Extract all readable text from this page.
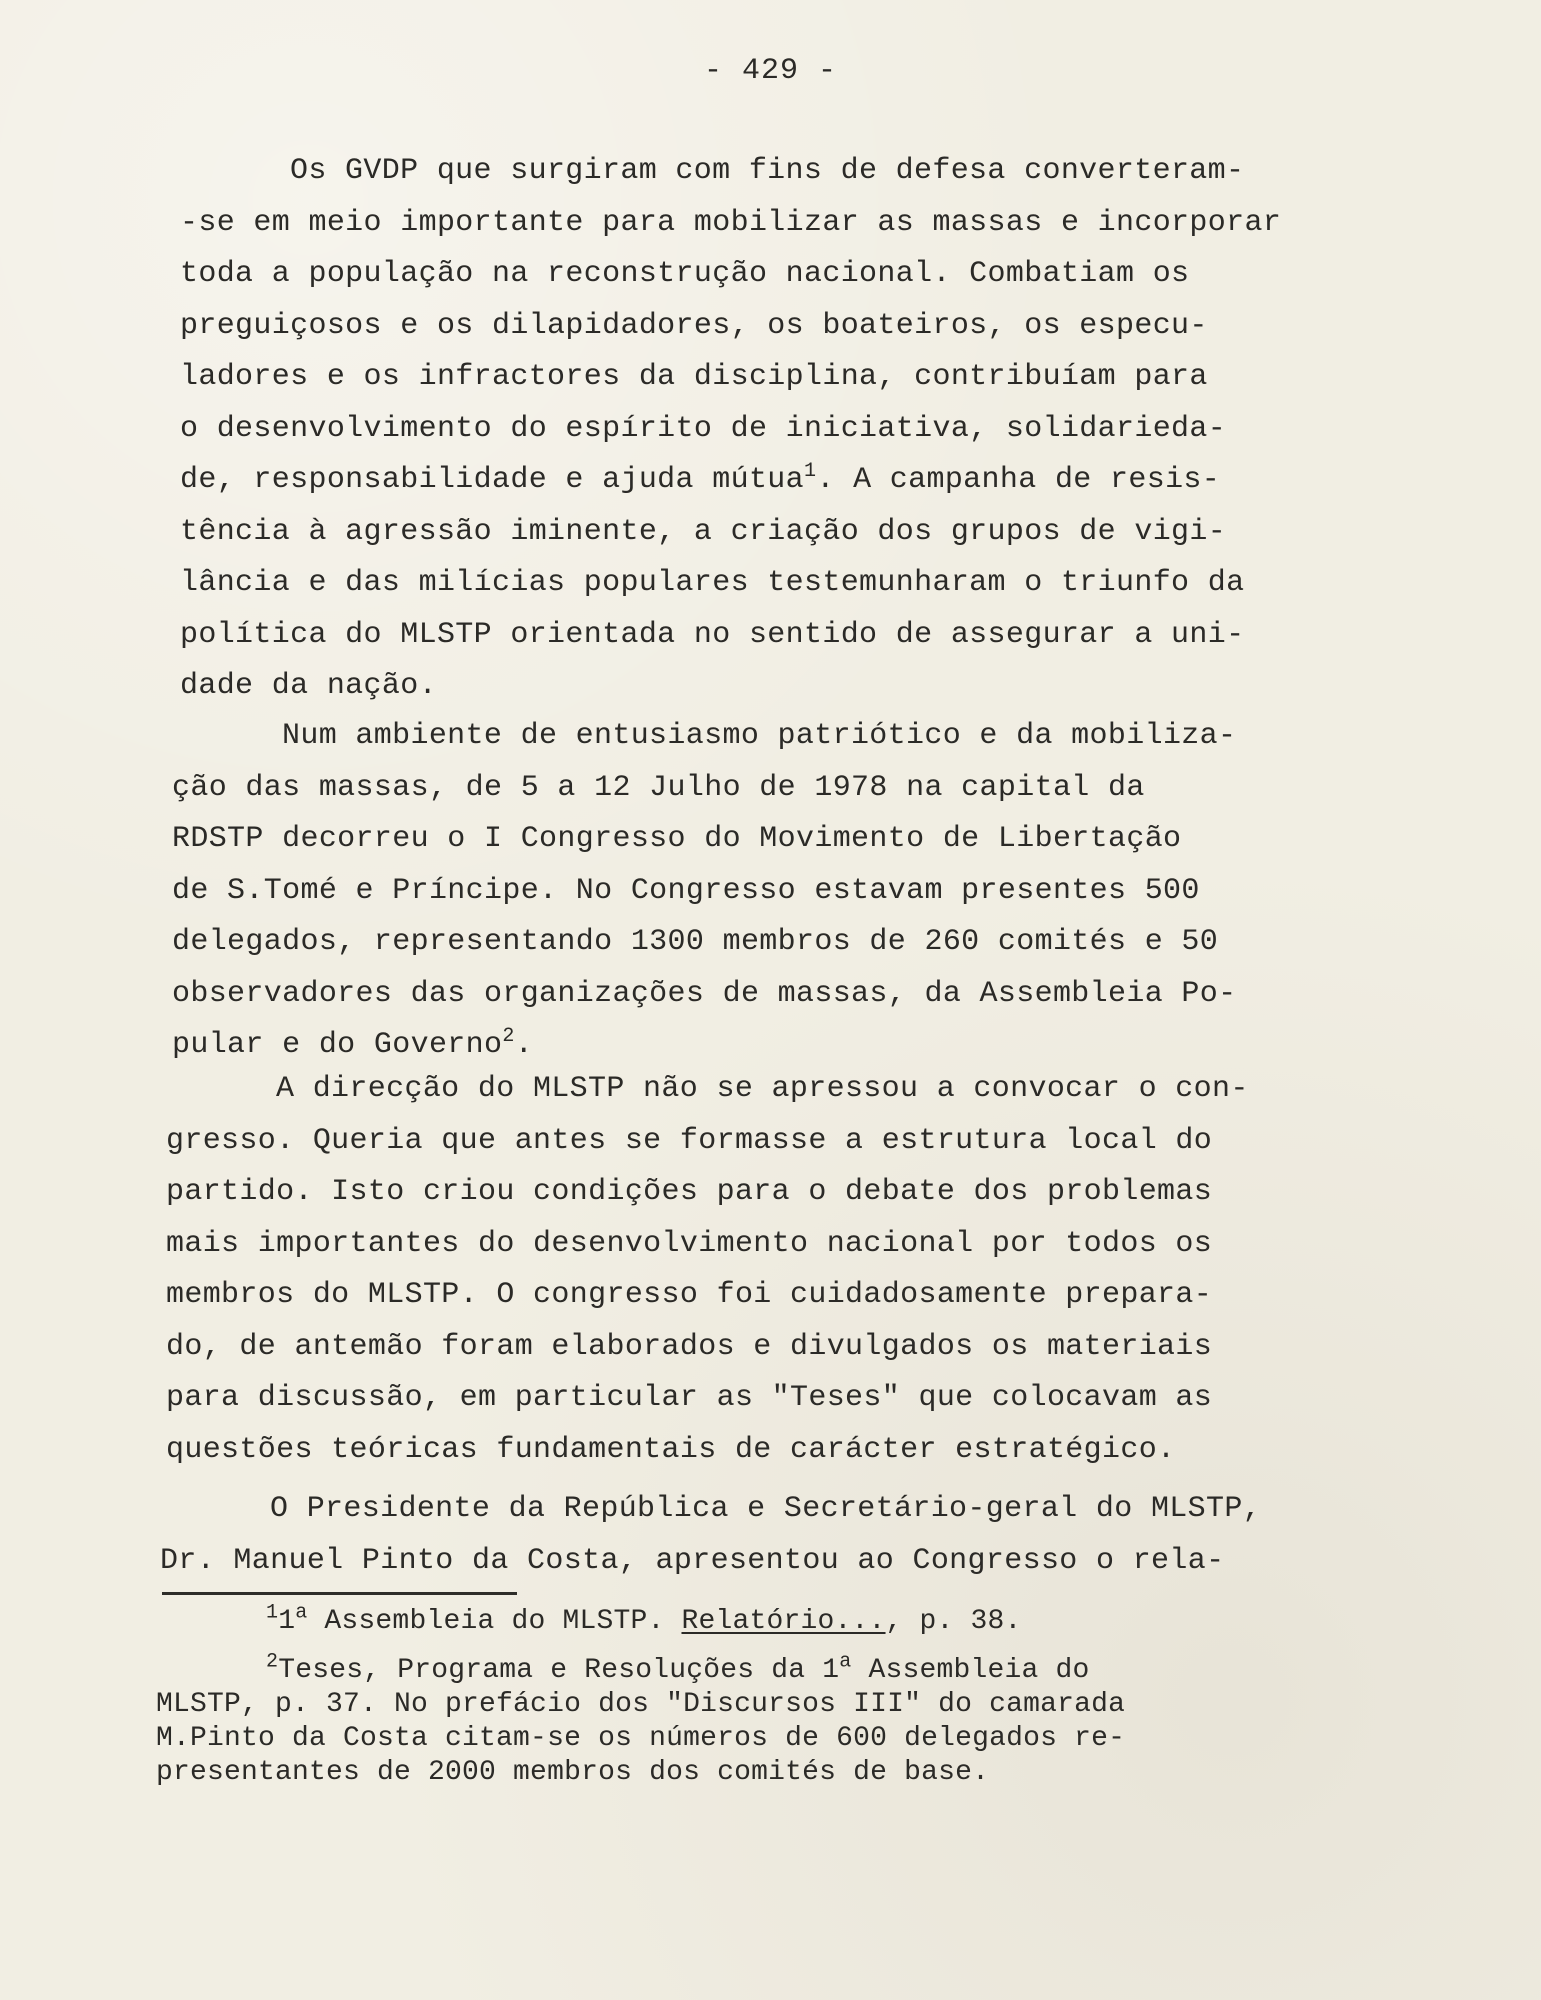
- 429 -
Os GVDP que surgiram com fins de defesa converteram-
-se em meio importante para mobilizar as massas e incorporar
toda a população na reconstrução nacional. Combatiam os
preguiçosos e os dilapidadores, os boateiros, os especu-
ladores e os infractores da disciplina, contribuíam para
o desenvolvimento do espírito de iniciativa, solidarieda-
de, responsabilidade e ajuda mútua$^1$. A campanha de resis-
tência à agressão iminente, a criação dos grupos de vigi-
lância e das milícias populares testemunharam o triunfo da
política do MLSTP orientada no sentido de assegurar a uni-
dade da nação.
Num ambiente de entusiasmo patriótico e da mobiliza-
ção das massas, de 5 a 12 Julho de 1978 na capital da
RDSTP decorreu o I Congresso do Movimento de Libertação
de S.Tomé e Príncipe. No Congresso estavam presentes 500
delegados, representando 1300 membros de 260 comités e 50
observadores das organizações de massas, da Assembleia Po-
pular e do Governo$^2$.
A direcção do MLSTP não se apressou a convocar o con-
gresso. Queria que antes se formasse a estrutura local do
partido. Isto criou condições para o debate dos problemas
mais importantes do desenvolvimento nacional por todos os
membros do MLSTP. O congresso foi cuidadosamente prepara-
do, de antemão foram elaborados e divulgados os materiais
para discussão, em particular as "Teses" que colocavam as
questões teóricas fundamentais de carácter estratégico.
O Presidente da República e Secretário-geral do MLSTP,
Dr. Manuel Pinto da Costa, apresentou ao Congresso o rela-
$^1$1$^a$ Assembleia do MLSTP. Relatório..., p. 38.
$^2$Teses, Programa e Resoluções da 1$^a$ Assembleia do
MLSTP, p. 37. No prefácio dos "Discursos III" do camarada
M.Pinto da Costa citam-se os números de 600 delegados re-
presentantes de 2000 membros dos comités de base.
